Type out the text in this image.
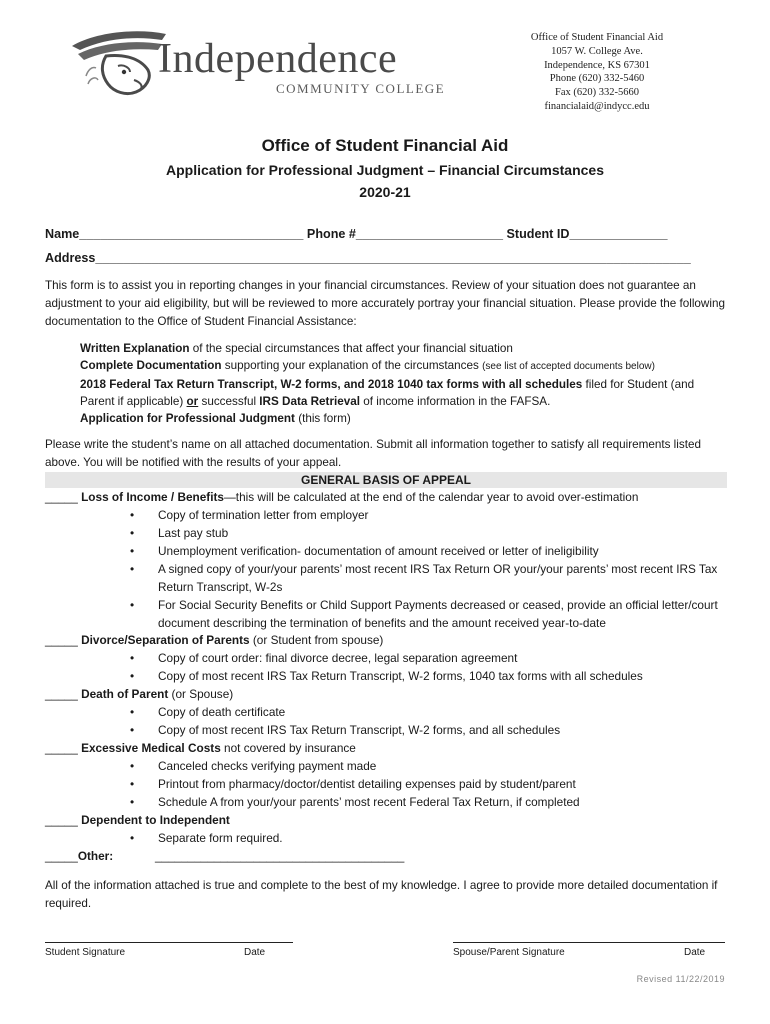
Independence
COMMUNITY COLLEGE
Office of Student Financial Aid
1057 W. College Ave.
Independence, KS 67301
Phone (620) 332-5460
Fax (620) 332-5660
financialaid@indycc.edu
Office of Student Financial Aid
Application for Professional Judgment – Financial Circumstances
2020-21
Name________________________________ Phone #_____________________ Student ID______________
Address_____________________________________________________________________________________
This form is to assist you in reporting changes in your financial circumstances. Review of your situation does not guarantee an adjustment to your aid eligibility, but will be reviewed to more accurately portray your financial situation. Please provide the following documentation to the Office of Student Financial Assistance:
Written Explanation of the special circumstances that affect your financial situation
Complete Documentation supporting your explanation of the circumstances (see list of accepted documents below)
2018 Federal Tax Return Transcript, W-2 forms, and 2018 1040 tax forms with all schedules filed for Student (and Parent if applicable) or successful IRS Data Retrieval of income information in the FAFSA.
Application for Professional Judgment (this form)
Please write the student’s name on all attached documentation. Submit all information together to satisfy all requirements listed above. You will be notified with the results of your appeal.
GENERAL BASIS OF APPEAL
_____ Loss of Income / Benefits—this will be calculated at the end of the calendar year to avoid over-estimation
•	Copy of termination letter from employer
•	Last pay stub
•	Unemployment verification- documentation of amount received or letter of ineligibility
•	A signed copy of your/your parents’ most recent IRS Tax Return OR your/your parents’ most recent IRS Tax Return Transcript, W-2s
•	For Social Security Benefits or Child Support Payments decreased or ceased, provide an official letter/court document describing the termination of benefits and the amount received year-to-date
_____ Divorce/Separation of Parents (or Student from spouse)
•	Copy of court order: final divorce decree, legal separation agreement
•	Copy of most recent IRS Tax Return Transcript, W-2 forms, 1040 tax forms with all schedules
_____ Death of Parent (or Spouse)
•	Copy of death certificate
•	Copy of most recent IRS Tax Return Transcript, W-2 forms, and all schedules
_____ Excessive Medical Costs not covered by insurance
•	Canceled checks verifying payment made
•	Printout from pharmacy/doctor/dentist detailing expenses paid by student/parent
•	Schedule A from your/your parents’ most recent Federal Tax Return, if completed
_____ Dependent to Independent
•	Separate form required.
_____Other:	______________________________________
All of the information attached is true and complete to the best of my knowledge. I agree to provide more detailed documentation if required.
Student Signature	Date	Spouse/Parent Signature	Date
Revised 11/22/2019
